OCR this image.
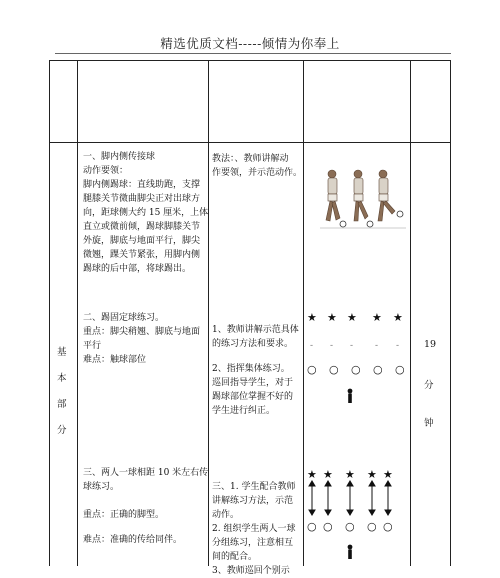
精选优质文档-----倾情为你奉上
基
本
部
分
19
分
钟
一、脚内侧传接球
动作要领：
脚内侧踢球：直线助跑，支撑
腿膝关节微曲脚尖正对出球方
向，距球侧大约 15 厘米，上体
直立或微前倾，踢球脚膝关节
外旋，脚底与地面平行，脚尖
微翘，踝关节紧张，用脚内侧
踢球的后中部，将球踢出。
二、踢固定球练习。
重点：脚尖稍翘、脚底与地面
平行
难点：触球部位
三、两人一球相距 10 米左右传
球练习。
重点：正确的脚型。
难点：准确的传给同伴。
教法：、教师讲解动
作要领，并示范动作。
1、教师讲解示范具体
的练习方法和要求。
2、指挥集体练习。
巡回指导学生，对于
踢球部位掌握不好的
学生进行纠正。
三、1. 学生配合教师
讲解练习方法，示范
动作。
2. 组织学生两人一球
分组练习，注意相互
间的配合。
3、教师巡回个别示
★ ★ ★ ★ ★
- - - - -
○ ○ ○ ○ ○
★ ★ ★ ★ ★
○ ○ ○ ○ ○
